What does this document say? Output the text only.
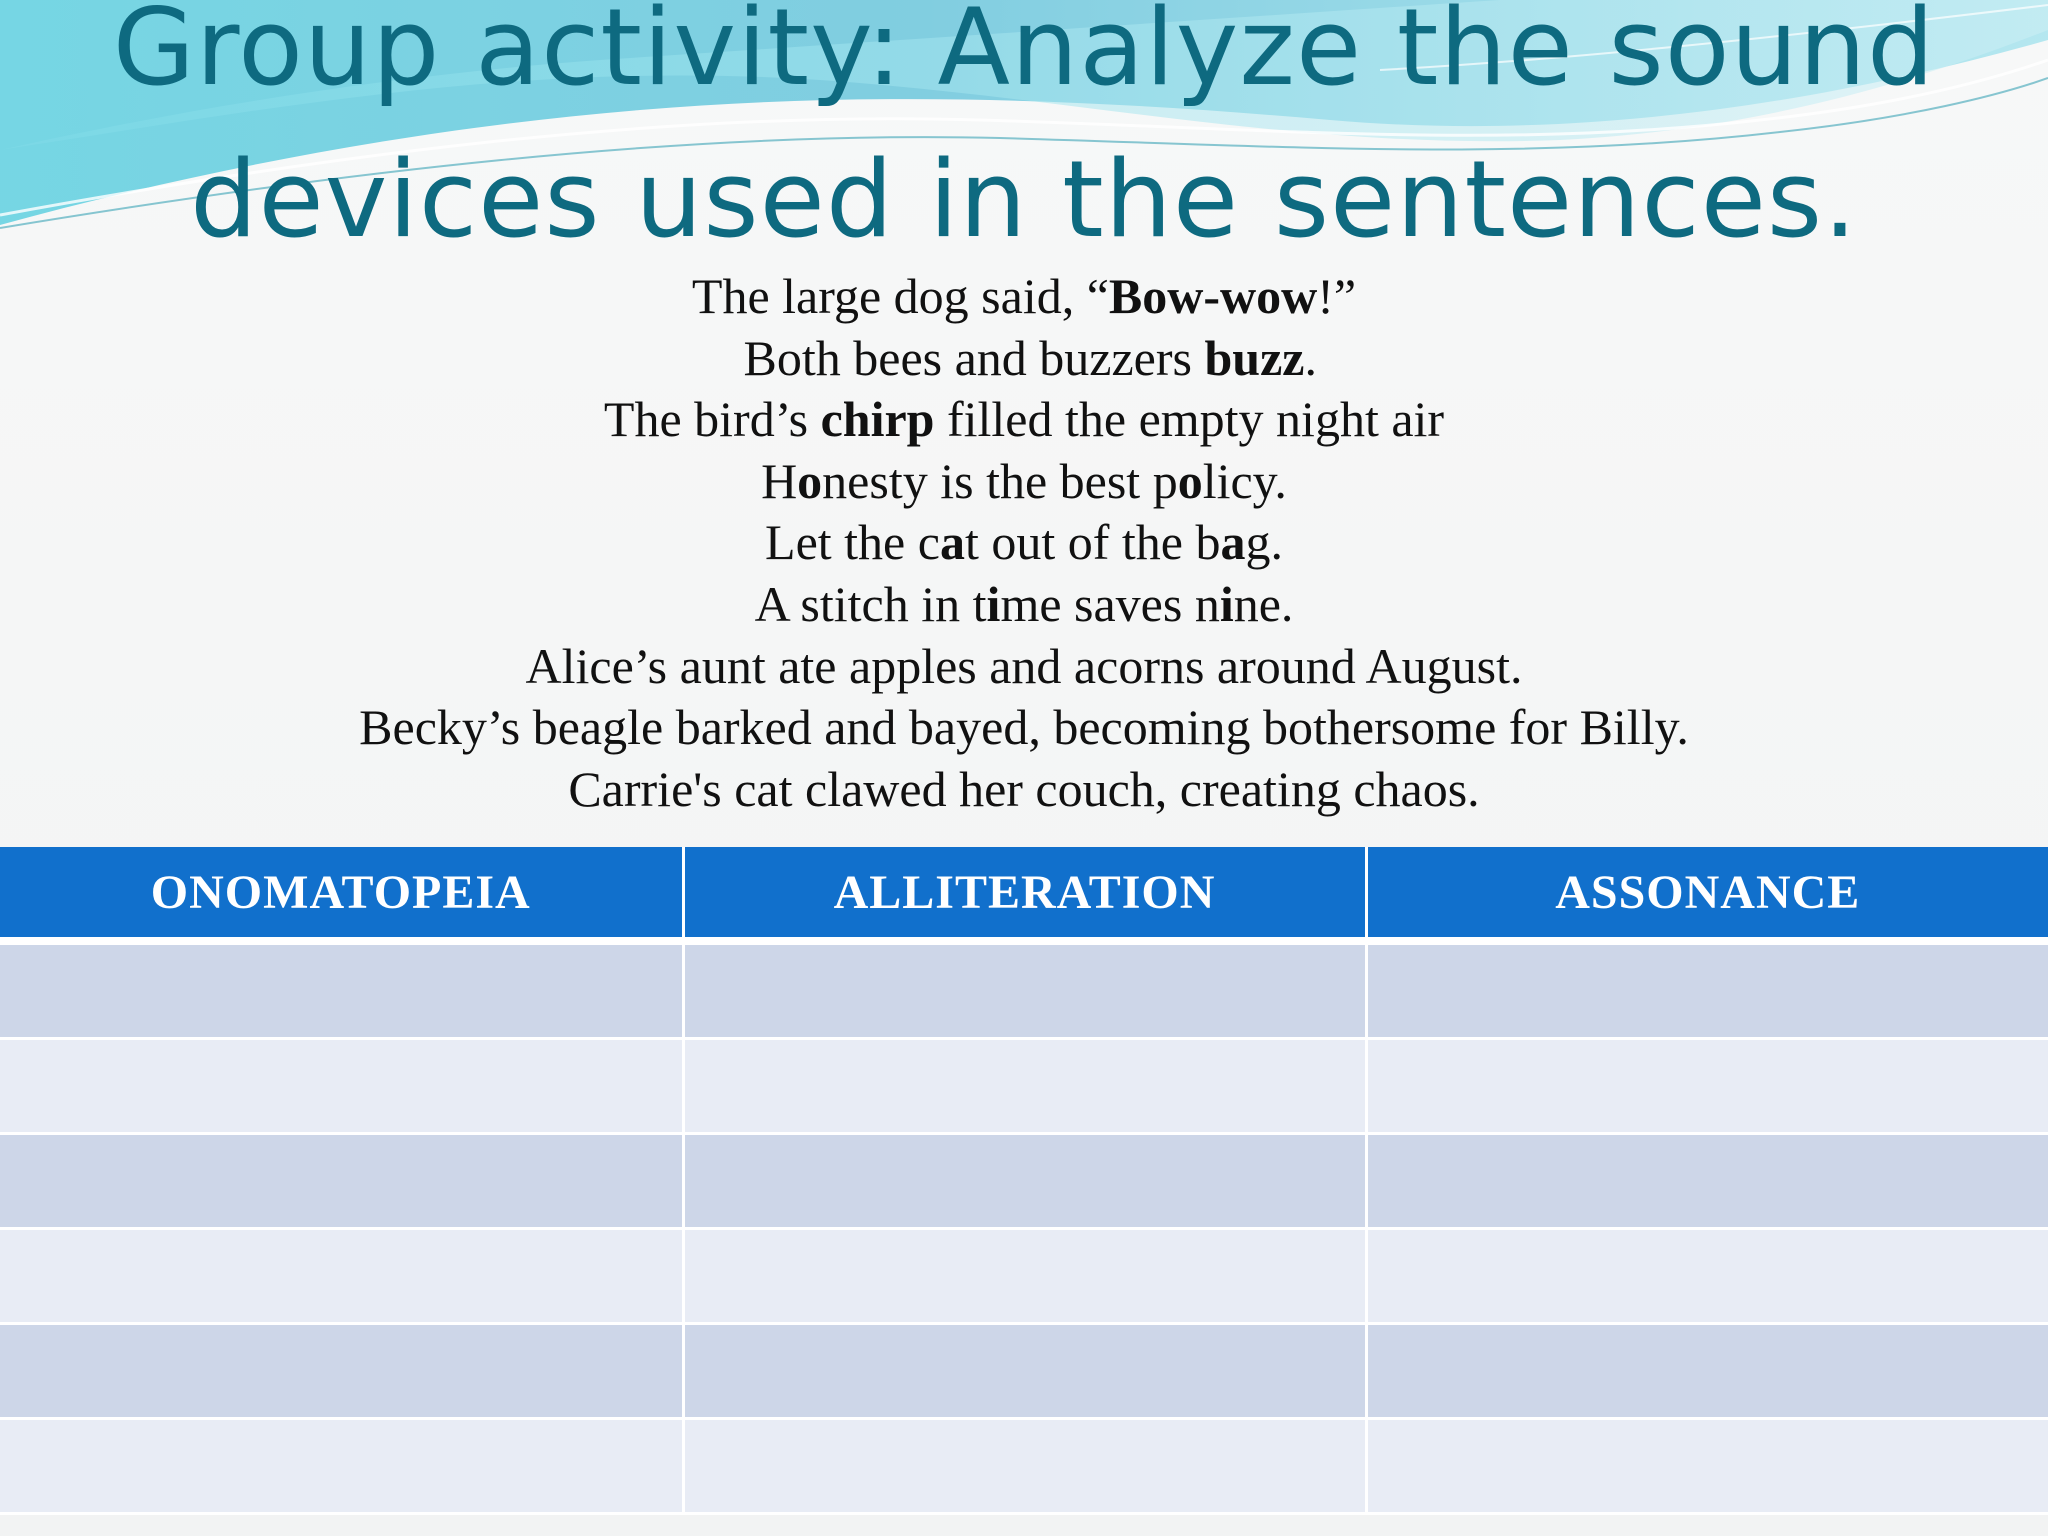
Group activity: Analyze the sound
devices used in the sentences.
The large dog said, “Bow-wow!”
Both bees and buzzers buzz.
The bird’s chirp filled the empty night air
Honesty is the best policy.
Let the cat out of the bag.
A stitch in time saves nine.
Alice’s aunt ate apples and acorns around August.
Becky’s beagle barked and bayed, becoming bothersome for Billy.
Carrie's cat clawed her couch, creating chaos.
ONOMATOPEIA	ALLITERATION	ASSONANCE
